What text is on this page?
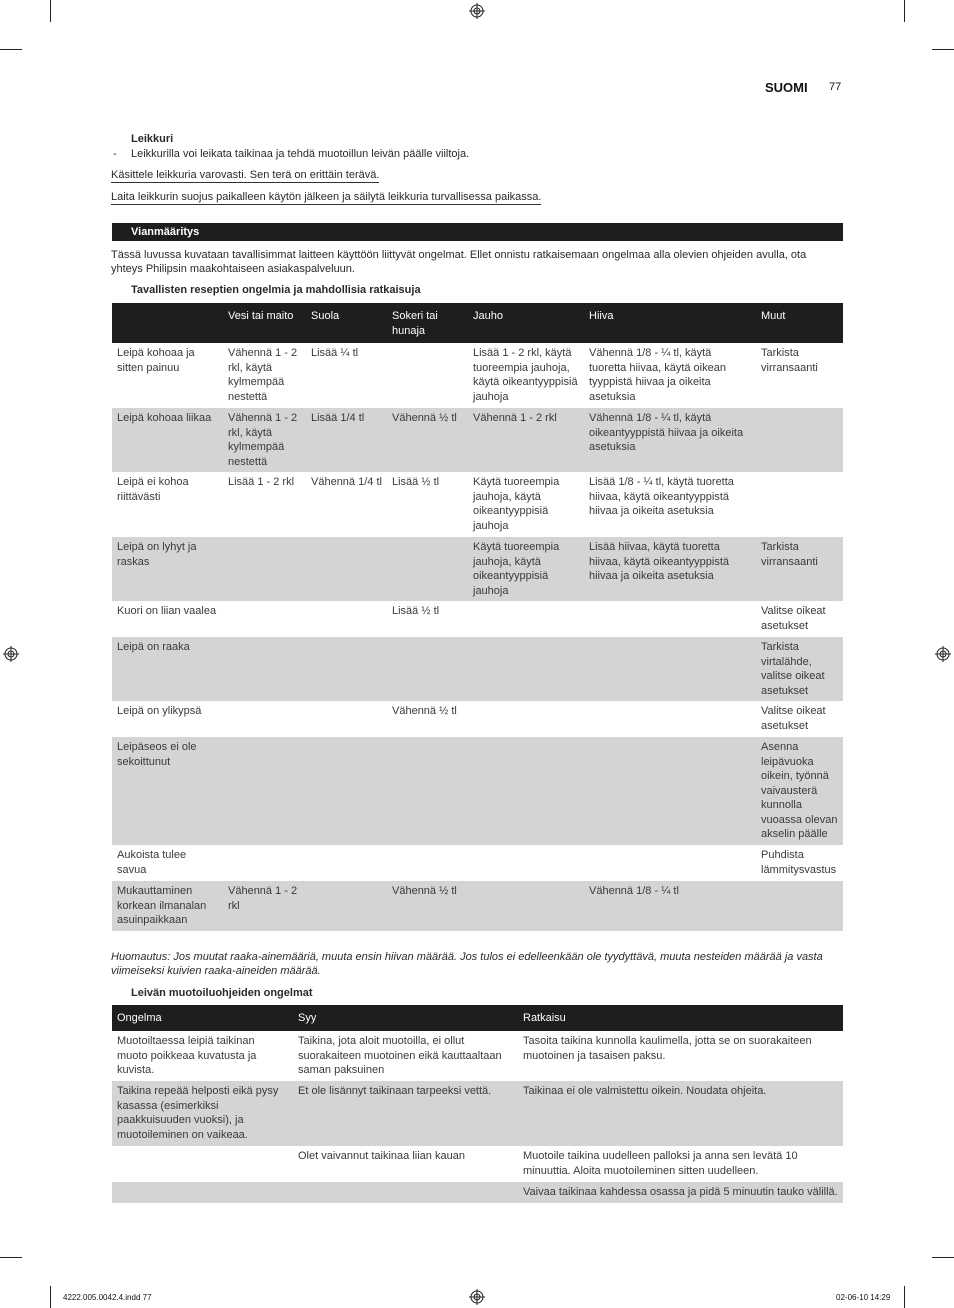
SUOMI 77
Leikkuri
- Leikkurilla voi leikata taikinaa ja tehdä muotoillun leivän päälle viiltoja.
Käsittele leikkuria varovasti. Sen terä on erittäin terävä.
Laita leikkurin suojus paikalleen käytön jälkeen ja säilytä leikkuria turvallisessa paikassa.
Vianmääritys
Tässä luvussa kuvataan tavallisimmat laitteen käyttöön liittyvät ongelmat. Ellet onnistu ratkaisemaan ongelmaa alla olevien ohjeiden avulla, ota
yhteys Philipsin maakohtaiseen asiakaspalveluun.
Tavallisten reseptien ongelmia ja mahdollisia ratkaisuja
	Vesi tai maito	Suola	Sokeri tai hunaja	Jauho	Hiiva	Muut
Leipä kohoaa ja sitten painuu	Vähennä 1 - 2 rkl, käytä kylmempää nestettä	Lisää ¼ tl		Lisää 1 - 2 rkl, käytä tuoreempia jauhoja, käytä oikeantyyppisiä jauhoja	Vähennä 1/8 - ¼ tl, käytä tuoretta hiivaa, käytä oikean tyyppistä hiivaa ja oikeita asetuksia	Tarkista virransaanti
Leipä kohoaa liikaa	Vähennä 1 - 2 rkl, käytä kylmempää nestettä	Lisää 1/4 tl	Vähennä ½ tl	Vähennä 1 - 2 rkl	Vähennä 1/8 - ¼ tl, käytä oikeantyyppistä hiivaa ja oikeita asetuksia	
Leipä ei kohoa riittävästi	Lisää 1 - 2 rkl	Vähennä 1/4 tl	Lisää ½ tl	Käytä tuoreempia jauhoja, käytä oikeantyyppisiä jauhoja	Lisää 1/8 - ¼ tl, käytä tuoretta hiivaa, käytä oikeantyyppistä hiivaa ja oikeita asetuksia	
Leipä on lyhyt ja raskas				Käytä tuoreempia jauhoja, käytä oikeantyyppisiä jauhoja	Lisää hiivaa, käytä tuoretta hiivaa, käytä oikeantyyppistä hiivaa ja oikeita asetuksia	Tarkista virransaanti
Kuori on liian vaalea			Lisää ½ tl			Valitse oikeat asetukset
Leipä on raaka						Tarkista virtalähde, valitse oikeat asetukset
Leipä on ylikypsä			Vähennä ½ tl			Valitse oikeat asetukset
Leipäseos ei ole sekoittunut						Asenna leipävuoka oikein, työnnä vaivausterä kunnolla vuoassa olevan akselin päälle
Aukoista tulee savua						Puhdista lämmitysvastus
Mukauttaminen korkean ilmanalan asuinpaikkaan	Vähennä 1 - 2 rkl		Vähennä ½ tl		Vähennä 1/8 - ¼ tl	
Huomautus: Jos muutat raaka-ainemääriä, muuta ensin hiivan määrää. Jos tulos ei edelleenkään ole tyydyttävä, muuta nesteiden määrää ja vasta
viimeiseksi kuivien raaka-aineiden määrää.
Leivän muotoiluohjeiden ongelmat
Ongelma	Syy	Ratkaisu
Muotoiltaessa leipiä taikinan muoto poikkeaa kuvatusta ja kuvista.	Taikina, jota aloit muotoilla, ei ollut suorakaiteen muotoinen eikä kauttaaltaan saman paksuinen	Tasoita taikina kunnolla kaulimella, jotta se on suorakaiteen muotoinen ja tasaisen paksu.
Taikina repeää helposti eikä pysy kasassa (esimerkiksi paakkuisuuden vuoksi), ja muotoileminen on vaikeaa.	Et ole lisännyt taikinaan tarpeeksi vettä.	Taikinaa ei ole valmistettu oikein. Noudata ohjeita.
	Olet vaivannut taikinaa liian kauan	Muotoile taikina uudelleen palloksi ja anna sen levätä 10 minuuttia. Aloita muotoileminen sitten uudelleen.
		Vaivaa taikinaa kahdessa osassa ja pidä 5 minuutin tauko välillä.
4222.005.0042.4.indd 77	02-06-10 14:29
